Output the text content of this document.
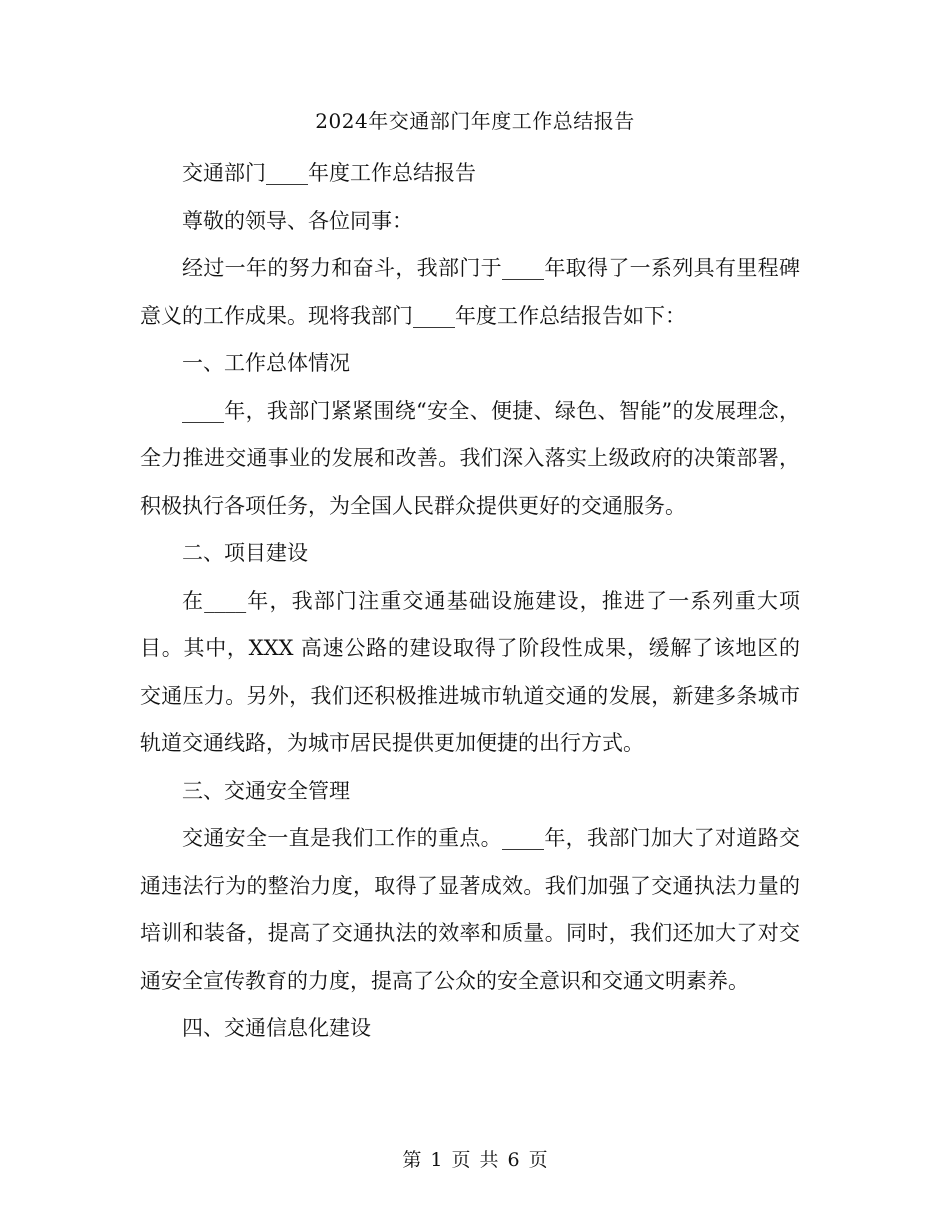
2024年交通部门年度工作总结报告

交通部门____年度工作总结报告

尊敬的领导、各位同事：

经过一年的努力和奋斗，我部门于____年取得了一系列具有里程碑意义的工作成果。现将我部门____年度工作总结报告如下：

一、工作总体情况

____年，我部门紧紧围绕“安全、便捷、绿色、智能”的发展理念，全力推进交通事业的发展和改善。我们深入落实上级政府的决策部署，积极执行各项任务，为全国人民群众提供更好的交通服务。

二、项目建设

在____年，我部门注重交通基础设施建设，推进了一系列重大项目。其中，XXX 高速公路的建设取得了阶段性成果，缓解了该地区的交通压力。另外，我们还积极推进城市轨道交通的发展，新建多条城市轨道交通线路，为城市居民提供更加便捷的出行方式。

三、交通安全管理

交通安全一直是我们工作的重点。____年，我部门加大了对道路交通违法行为的整治力度，取得了显著成效。我们加强了交通执法力量的培训和装备，提高了交通执法的效率和质量。同时，我们还加大了对交通安全宣传教育的力度，提高了公众的安全意识和交通文明素养。

四、交通信息化建设

第 1 页 共 6 页
